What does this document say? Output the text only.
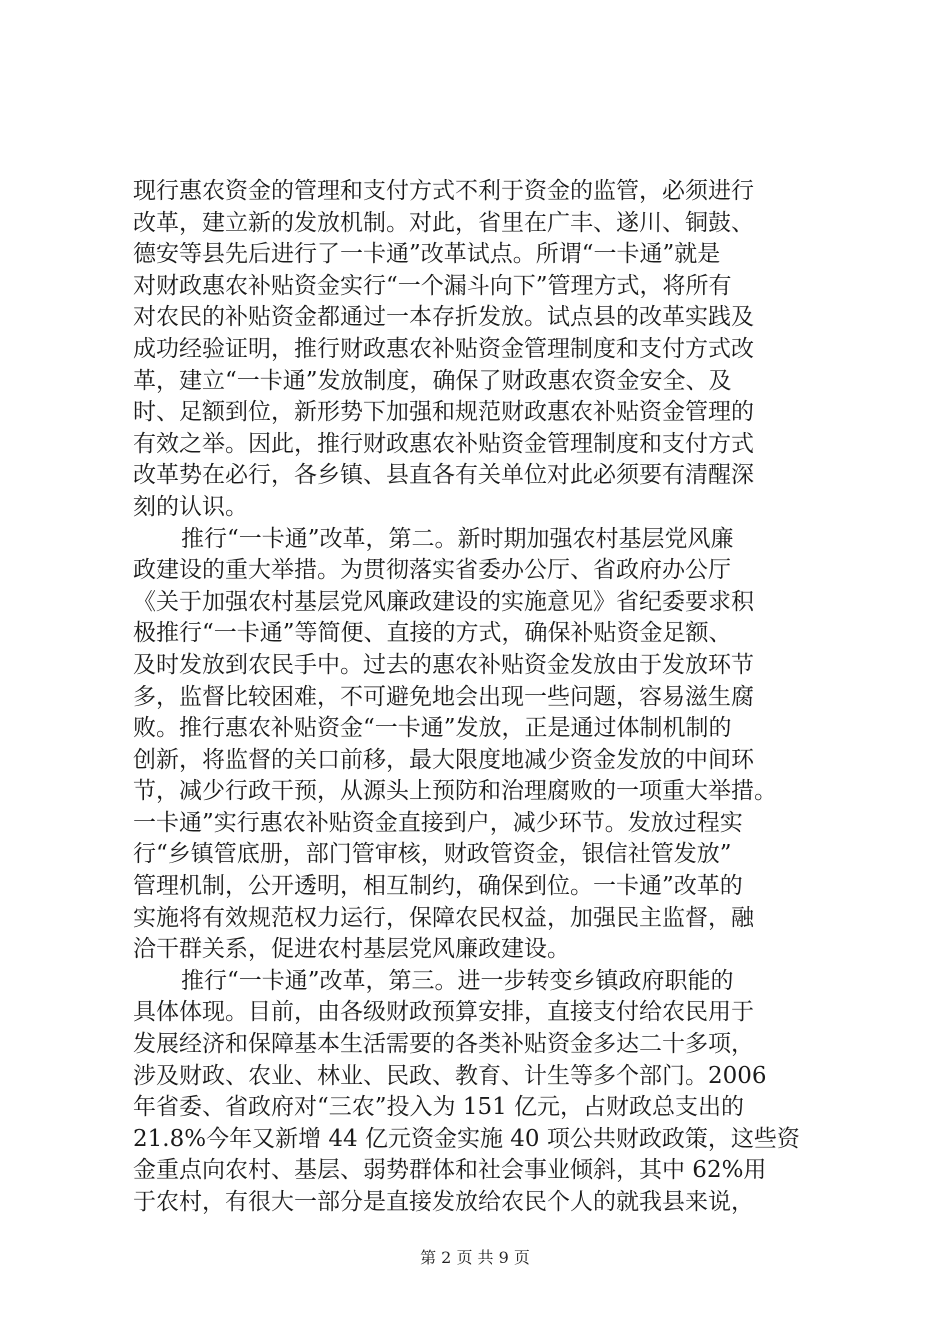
现行惠农资金的管理和支付方式不利于资金的监管，必须进行
改革，建立新的发放机制。对此，省里在广丰、遂川、铜鼓、
德安等县先后进行了一卡通”改革试点。所谓“一卡通”就是
对财政惠农补贴资金实行“一个漏斗向下”管理方式，将所有
对农民的补贴资金都通过一本存折发放。试点县的改革实践及
成功经验证明，推行财政惠农补贴资金管理制度和支付方式改
革，建立“一卡通”发放制度，确保了财政惠农资金安全、及
时、足额到位，新形势下加强和规范财政惠农补贴资金管理的
有效之举。因此，推行财政惠农补贴资金管理制度和支付方式
改革势在必行，各乡镇、县直各有关单位对此必须要有清醒深
刻的认识。
推行“一卡通”改革，第二。新时期加强农村基层党风廉
政建设的重大举措。为贯彻落实省委办公厅、省政府办公厅
《关于加强农村基层党风廉政建设的实施意见》省纪委要求积
极推行“一卡通”等简便、直接的方式，确保补贴资金足额、
及时发放到农民手中。过去的惠农补贴资金发放由于发放环节
多，监督比较困难，不可避免地会出现一些问题，容易滋生腐
败。推行惠农补贴资金“一卡通”发放，正是通过体制机制的
创新，将监督的关口前移，最大限度地减少资金发放的中间环
节，减少行政干预，从源头上预防和治理腐败的一项重大举措。
一卡通”实行惠农补贴资金直接到户，减少环节。发放过程实
行“乡镇管底册，部门管审核，财政管资金，银信社管发放”
管理机制，公开透明，相互制约，确保到位。一卡通”改革的
实施将有效规范权力运行，保障农民权益，加强民主监督，融
洽干群关系，促进农村基层党风廉政建设。
推行“一卡通”改革，第三。进一步转变乡镇政府职能的
具体体现。目前，由各级财政预算安排，直接支付给农民用于
发展经济和保障基本生活需要的各类补贴资金多达二十多项，
涉及财政、农业、林业、民政、教育、计生等多个部门。2006
年省委、省政府对“三农”投入为 151 亿元，占财政总支出的
21.8%今年又新增 44 亿元资金实施 40 项公共财政政策，这些资
金重点向农村、基层、弱势群体和社会事业倾斜，其中 62%用
于农村，有很大一部分是直接发放给农民个人的就我县来说，
第 2 页 共 9 页
